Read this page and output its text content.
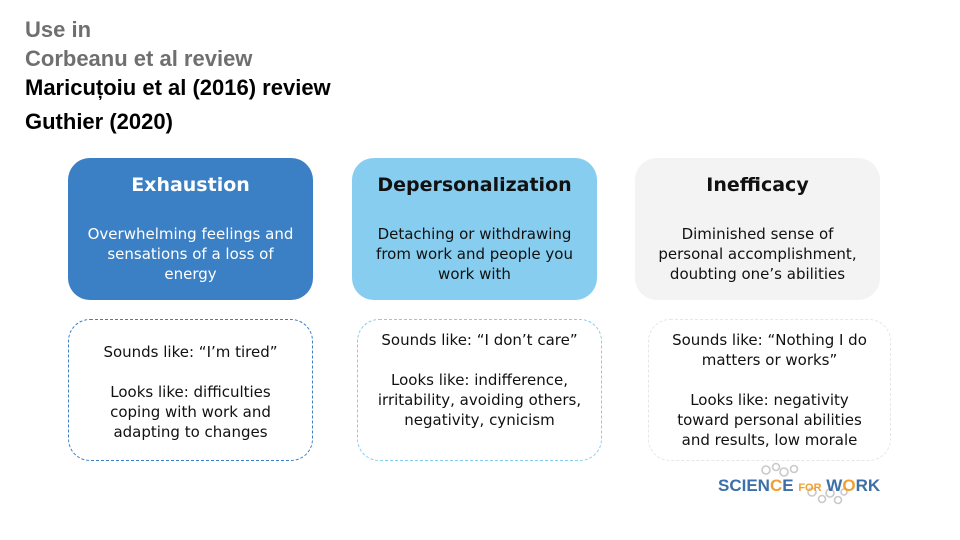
Use in
Corbeanu et al review
Maricuțoiu et al (2016) review
Guthier (2020)
Exhaustion
Overwhelming feelings and sensations of a loss of energy
Depersonalization
Detaching or withdrawing from work and people you work with
Inefficacy
Diminished sense of personal accomplishment, doubting one’s abilities

Sounds like: “I’m tired”

Looks like: difficulties coping with work and adapting to changes

Sounds like: “I don’t care”

Looks like: indifference, irritability, avoiding others, negativity, cynicism

Sounds like: “Nothing I do matters or works”

Looks like: negativity toward personal abilities and results, low morale

SCIENCE FOR WORK
